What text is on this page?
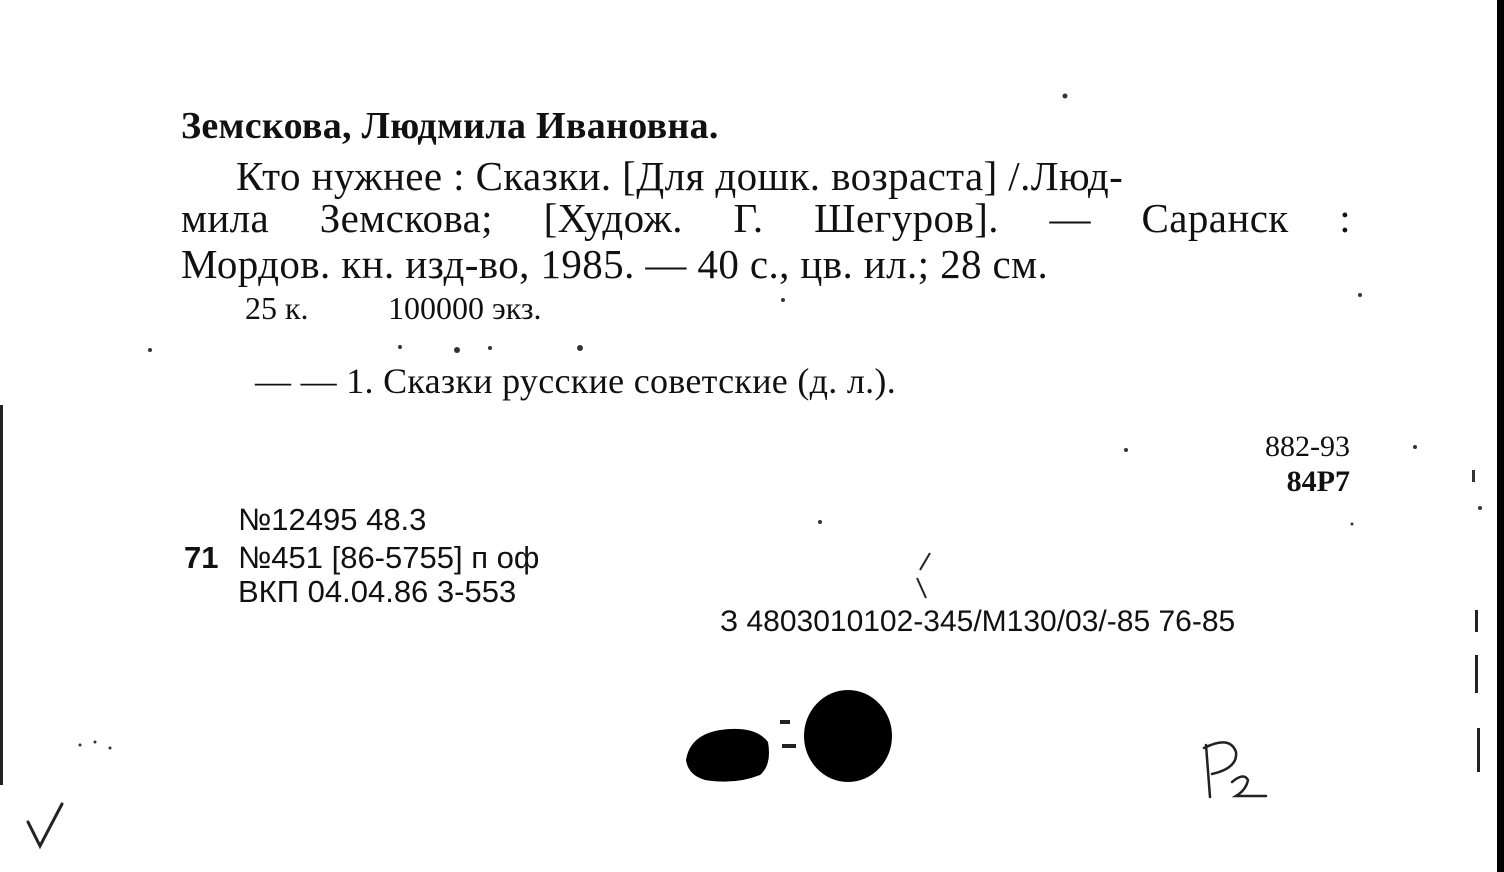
Земскова, Людмила Ивановна.
Кто нужнее : Сказки. [Для дошк. возраста] /.Люд-
мила Земскова; [Худож. Г. Шегуров]. — Саранск :
Мордов. кн. изд-во, 1985. — 40 с., цв. ил.; 28 см.
25 к. 100000 экз.
— — 1. Сказки русские советские (д. л.).
882-93
84Р7
№12495 48.3
71 №451 [86-5755] п оф
ВКП 04.04.86 3-553
З 4803010102-345/М130/03/-85 76-85
